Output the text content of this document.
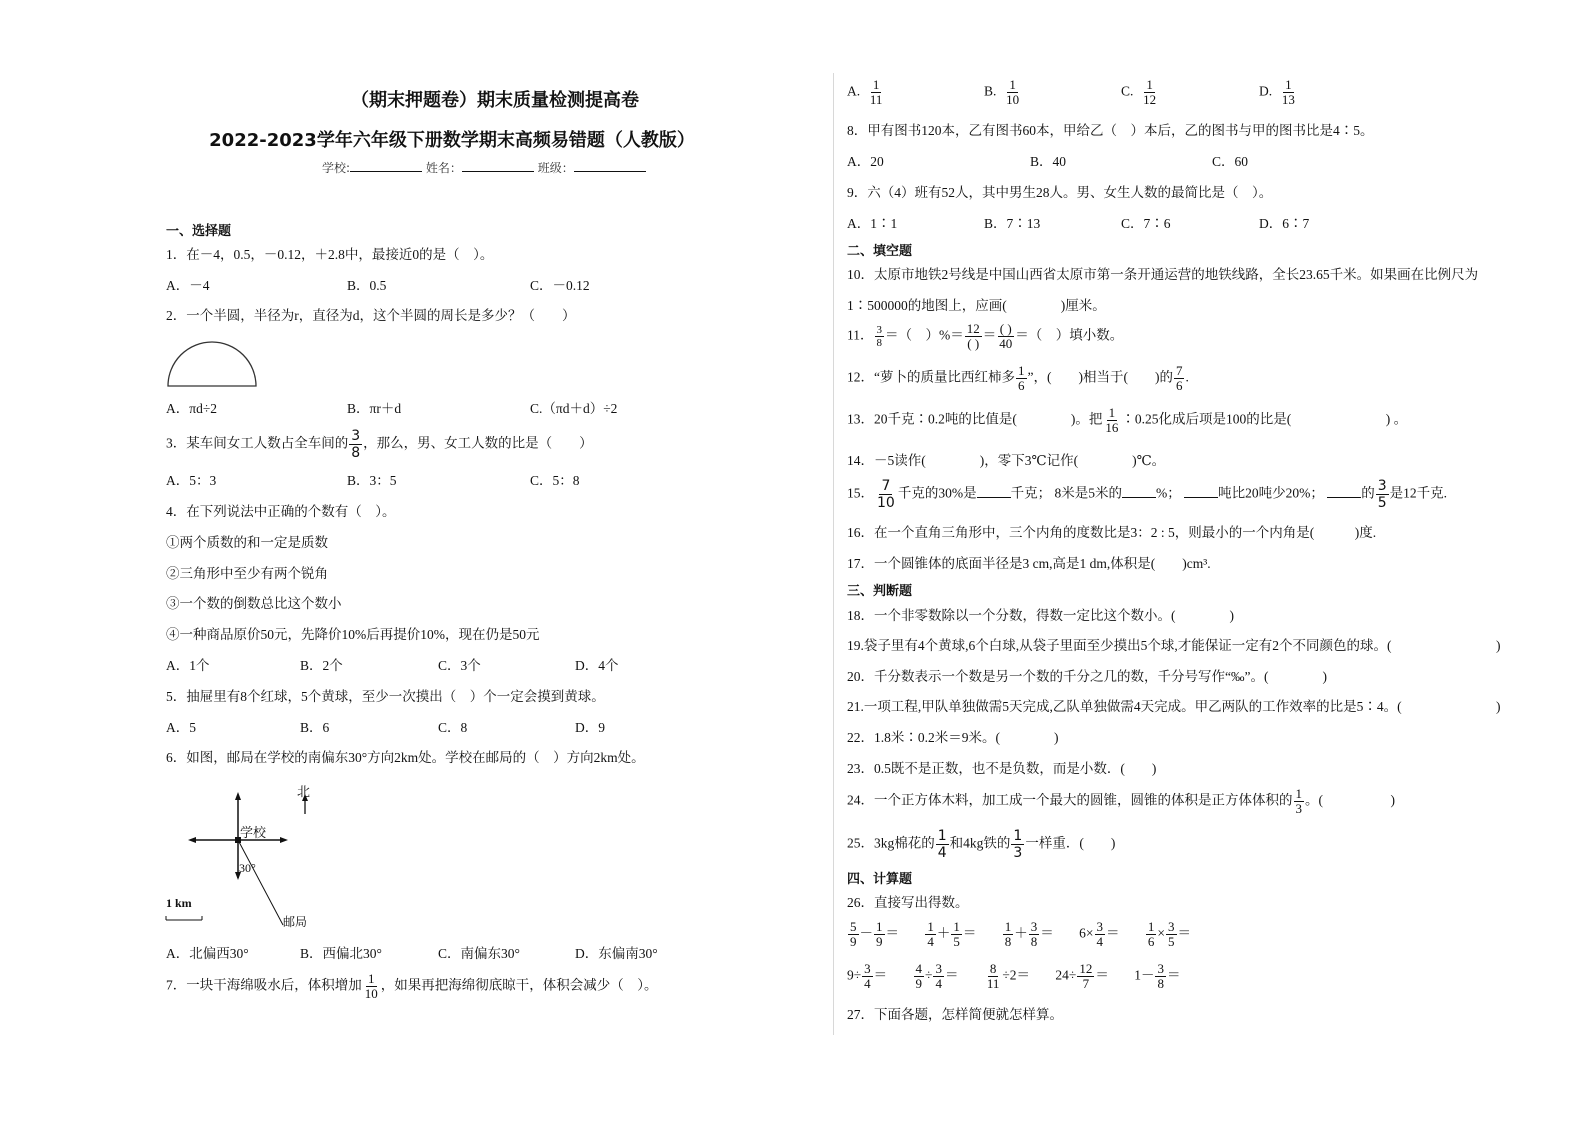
（期末押题卷）期末质量检测提高卷
2022-2023学年六年级下册数学期末高频易错题（人教版）
学校:	姓名：	班级：
一、选择题
1．在－4，0.5，－0.12，＋2.8中，最接近0的是（　）。
A．－4	B．0.5	C．－0.12
2．一个半圆，半径为r，直径为d，这个半圆的周长是多少？（　　）
A．πd÷2	B．πr＋d	C.（πd＋d）÷2
3．某车间女工人数占全车间的 $\frac{3}{8}$ ，那么，男、女工人数的比是（　　）
A．5：3	B．3：5	C．5：8
4．在下列说法中正确的个数有（　）。
①两个质数的和一定是质数
②三角形中至少有两个锐角
③一个数的倒数总比这个数小
④一种商品原价50元，先降价10%后再提价10%，现在仍是50元
A．1个	B．2个	C．3个	D．4个
5．抽屉里有8个红球，5个黄球，至少一次摸出（　）个一定会摸到黄球。
A．5	B．6	C．8	D．9
6．如图，邮局在学校的南偏东30°方向2km处。学校在邮局的（　）方向2km处。
北
学校
30°
1 km
邮局
A．北偏西30°	B．西偏北30°	C．南偏东30°	D．东偏南30°
7．一块干海绵吸水后，体积增加 $\frac{1}{10}$ ，如果再把海绵彻底晾干，体积会减少（　）。
A. $\frac{1}{11}$	B. $\frac{1}{10}$	C. $\frac{1}{12}$	D. $\frac{1}{13}$
8．甲有图书120本，乙有图书60本，甲给乙（　）本后，乙的图书与甲的图书比是4∶5。
A．20	B．40	C．60
9．六（4）班有52人，其中男生28人。男、女生人数的最简比是（　）。
A．1∶1	B．7∶13	C．7∶6	D．6∶7
二、填空题
10．太原市地铁2号线是中国山西省太原市第一条开通运营的地铁线路，全长23.65千米。如果画在比例尺为
1∶500000的地图上，应画(　　　　)厘米。
11． $\frac{3}{8}$ ＝（　）%＝ $\frac{12}{( )} = \frac{( )}{40}$ ＝（　）填小数。
12．“萝卜的质量比西红柿多 $\frac{1}{6}$ ”，(　　)相当于(　　)的 $\frac{7}{6}$ .
13．20千克∶0.2吨的比值是(　　　　)。把 $\frac{1}{16}$ ∶0.25化成后项是100的比是(　　　　　　　) 。
14．－5读作(　　　　)，零下3℃记作(　　　　)℃。
15． $\frac{7}{10}$ 千克的30%是	千克； 8米是5米的	%；	吨比20吨少20%；	的 $\frac{3}{5}$ 是12千克.
16．在一个直角三角形中，三个内角的度数比是3：2 : 5，则最小的一个内角是(　　　)度.
17．一个圆锥体的底面半径是3 cm,高是1 dm,体积是(　　)cm³.
三、判断题
18．一个非零数除以一个分数，得数一定比这个数小。(　　　　)
19.袋子里有4个黄球,6个白球,从袋子里面至少摸出5个球,才能保证一定有2个不同颜色的球。(	)
20．千分数表示一个数是另一个数的千分之几的数，千分号写作“‰”。(　　　　)
21.一项工程,甲队单独做需5天完成,乙队单独做需4天完成。甲乙两队的工作效率的比是5∶4。(	)
22．1.8米∶0.2米＝9米。(　　　　)
23．0.5既不是正数，也不是负数，而是小数．(　　)
24．一个正方体木料，加工成一个最大的圆锥，圆锥的体积是正方体体积的 $\frac{1}{3}$ 。(　　　　　)
25．3kg棉花的 $\frac{1}{4}$ 和4kg铁的 $\frac{1}{3}$ 一样重．(　　)
四、计算题
26．直接写出得数。
$\frac{5}{9} - \frac{1}{9} = \frac{1}{4} + \frac{1}{5} = \frac{1}{8} + \frac{3}{8} = 6\times \frac{3}{4} = \frac{1}{6} \times \frac{3}{5}$ ＝
$9\div \frac{3}{4} = \frac{4}{9} \div \frac{3}{4} = \frac{8}{11} \div 2= 24\div \frac{12}{7} = 1- \frac{3}{8}$ ＝
27．下面各题，怎样简便就怎样算。
